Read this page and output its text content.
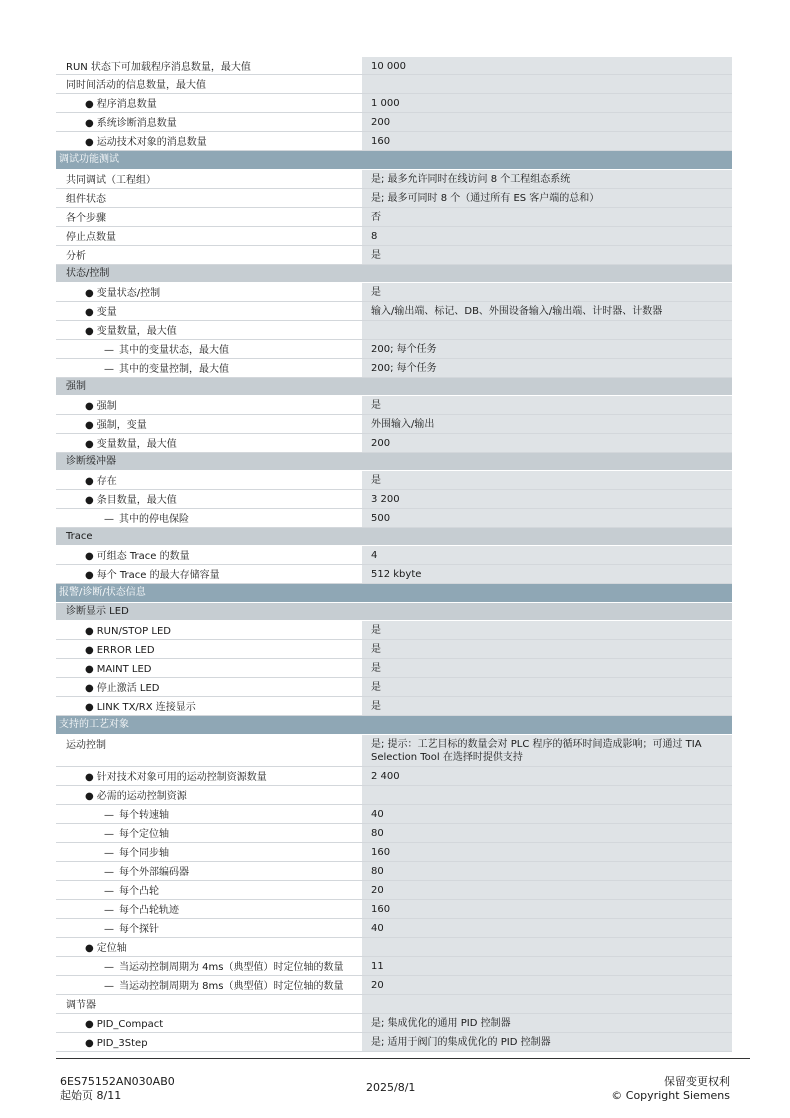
RUN 状态下可加载程序消息数量，最大值	10 000
同时间活动的信息数量，最大值
● 程序消息数量	1 000
● 系统诊断消息数量	200
● 运动技术对象的消息数量	160
调试功能测试
共同调试（工程组）	是; 最多允许同时在线访问 8 个工程组态系统
组件状态	是; 最多可同时 8 个（通过所有 ES 客户端的总和）
各个步骤	否
停止点数量	8
分析	是
状态/控制
● 变量状态/控制	是
● 变量	输入/输出端、标记、DB、外围设备输入/输出端、计时器、计数器
● 变量数量，最大值
— 其中的变量状态，最大值	200; 每个任务
— 其中的变量控制，最大值	200; 每个任务
强制
● 强制	是
● 强制，变量	外围输入/输出
● 变量数量，最大值	200
诊断缓冲器
● 存在	是
● 条目数量，最大值	3 200
— 其中的停电保险	500
Trace
● 可组态 Trace 的数量	4
● 每个 Trace 的最大存储容量	512 kbyte
报警/诊断/状态信息
诊断显示 LED
● RUN/STOP LED	是
● ERROR LED	是
● MAINT LED	是
● 停止激活 LED	是
● LINK TX/RX 连接显示	是
支持的工艺对象
运动控制	是; 提示：工艺目标的数量会对 PLC 程序的循环时间造成影响；可通过 TIA Selection Tool 在选择时提供支持
● 针对技术对象可用的运动控制资源数量	2 400
● 必需的运动控制资源
— 每个转速轴	40
— 每个定位轴	80
— 每个同步轴	160
— 每个外部编码器	80
— 每个凸轮	20
— 每个凸轮轨迹	160
— 每个探针	40
● 定位轴
— 当运动控制周期为 4ms（典型值）时定位轴的数量	11
— 当运动控制周期为 8ms（典型值）时定位轴的数量	20
调节器
● PID_Compact	是; 集成优化的通用 PID 控制器
● PID_3Step	是; 适用于阀门的集成优化的 PID 控制器
6ES75152AN030AB0
起始页 8/11
2025/8/1	保留变更权利
© Copyright Siemens
